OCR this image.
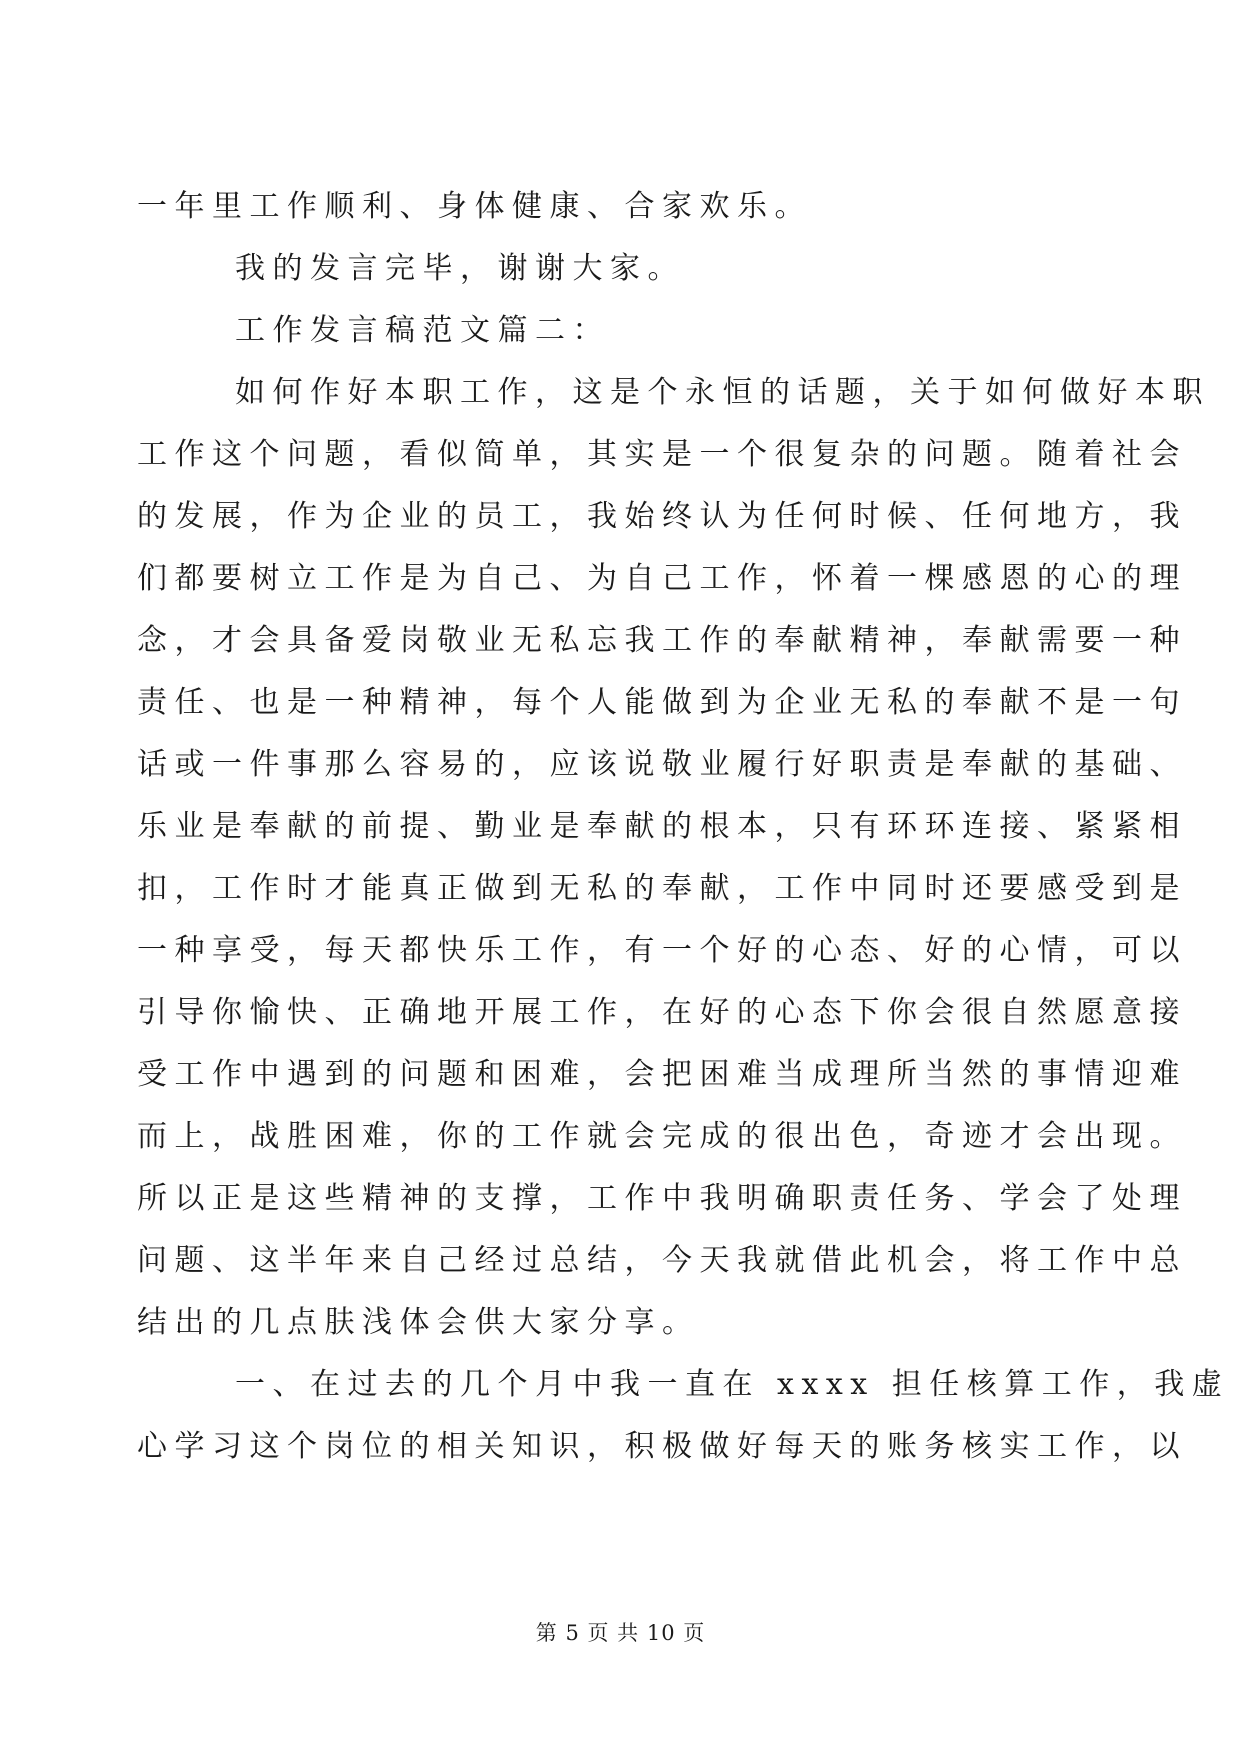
一年里工作顺利、身体健康、合家欢乐。
我的发言完毕，谢谢大家。
工作发言稿范文篇二：
如何作好本职工作，这是个永恒的话题，关于如何做好本职
工作这个问题，看似简单，其实是一个很复杂的问题。随着社会
的发展，作为企业的员工，我始终认为任何时候、任何地方，我
们都要树立工作是为自己、为自己工作，怀着一棵感恩的心的理
念，才会具备爱岗敬业无私忘我工作的奉献精神，奉献需要一种
责任、也是一种精神，每个人能做到为企业无私的奉献不是一句
话或一件事那么容易的，应该说敬业履行好职责是奉献的基础、
乐业是奉献的前提、勤业是奉献的根本，只有环环连接、紧紧相
扣，工作时才能真正做到无私的奉献，工作中同时还要感受到是
一种享受，每天都快乐工作，有一个好的心态、好的心情，可以
引导你愉快、正确地开展工作，在好的心态下你会很自然愿意接
受工作中遇到的问题和困难，会把困难当成理所当然的事情迎难
而上，战胜困难，你的工作就会完成的很出色，奇迹才会出现。
所以正是这些精神的支撑，工作中我明确职责任务、学会了处理
问题、这半年来自己经过总结，今天我就借此机会，将工作中总
结出的几点肤浅体会供大家分享。
一、在过去的几个月中我一直在 xxxx 担任核算工作，我虚
心学习这个岗位的相关知识，积极做好每天的账务核实工作，以
第 5 页 共 10 页
